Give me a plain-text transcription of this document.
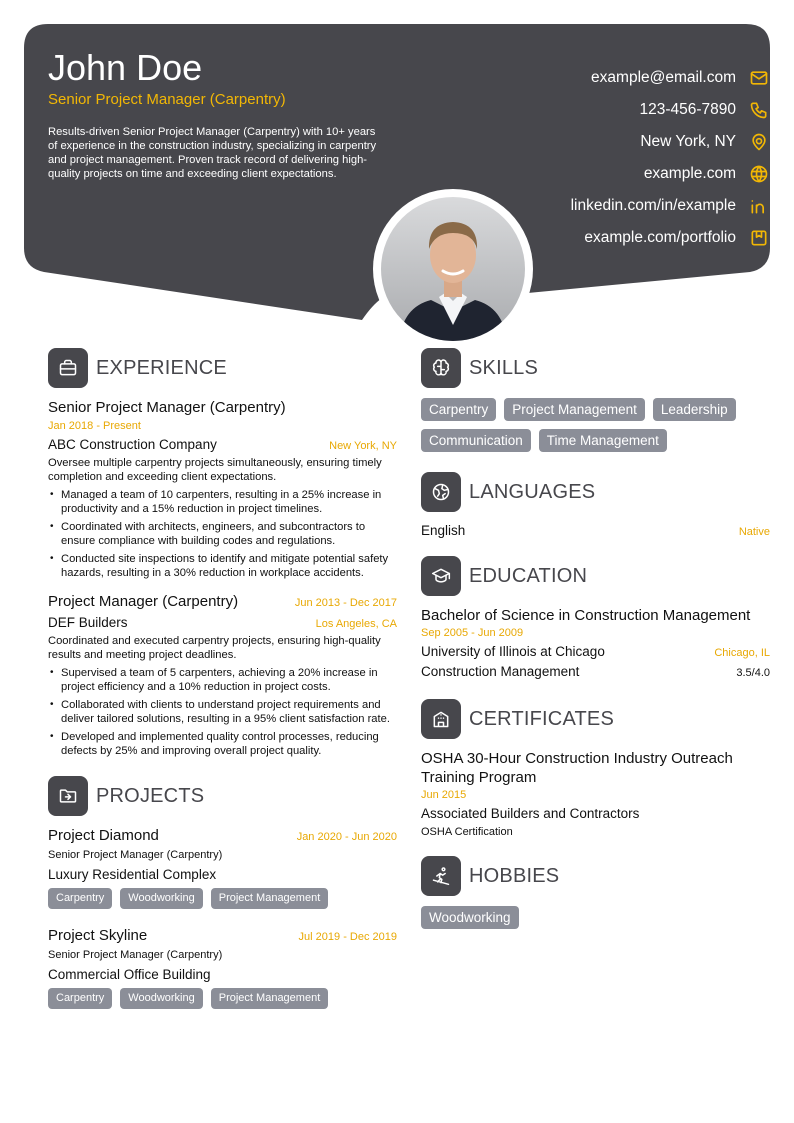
John Doe
Senior Project Manager (Carpentry)
Results-driven Senior Project Manager (Carpentry) with 10+ years of experience in the construction industry, specializing in carpentry and project management. Proven track record of delivering high-quality projects on time and exceeding client expectations.
example@email.com
123-456-7890
New York, NY
example.com
linkedin.com/in/example
example.com/portfolio
EXPERIENCE
Senior Project Manager (Carpentry)
Jan 2018 - Present
ABC Construction Company	New York, NY
Oversee multiple carpentry projects simultaneously, ensuring timely completion and exceeding client expectations.
• Managed a team of 10 carpenters, resulting in a 25% increase in productivity and a 15% reduction in project timelines.
• Coordinated with architects, engineers, and subcontractors to ensure compliance with building codes and regulations.
• Conducted site inspections to identify and mitigate potential safety hazards, resulting in a 30% reduction in workplace accidents.
Project Manager (Carpentry)	Jun 2013 - Dec 2017
DEF Builders	Los Angeles, CA
Coordinated and executed carpentry projects, ensuring high-quality results and meeting project deadlines.
• Supervised a team of 5 carpenters, achieving a 20% increase in project efficiency and a 10% reduction in project costs.
• Collaborated with clients to understand project requirements and deliver tailored solutions, resulting in a 95% client satisfaction rate.
• Developed and implemented quality control processes, reducing defects by 25% and improving overall project quality.
PROJECTS
Project Diamond	Jan 2020 - Jun 2020
Senior Project Manager (Carpentry)
Luxury Residential Complex
Carpentry	Woodworking	Project Management
Project Skyline	Jul 2019 - Dec 2019
Senior Project Manager (Carpentry)
Commercial Office Building
Carpentry	Woodworking	Project Management
SKILLS
Carpentry	Project Management	Leadership
Communication	Time Management
LANGUAGES
English	Native
EDUCATION
Bachelor of Science in Construction Management
Sep 2005 - Jun 2009
University of Illinois at Chicago	Chicago, IL
Construction Management	3.5/4.0
CERTIFICATES
OSHA 30-Hour Construction Industry Outreach Training Program
Jun 2015
Associated Builders and Contractors
OSHA Certification
HOBBIES
Woodworking
